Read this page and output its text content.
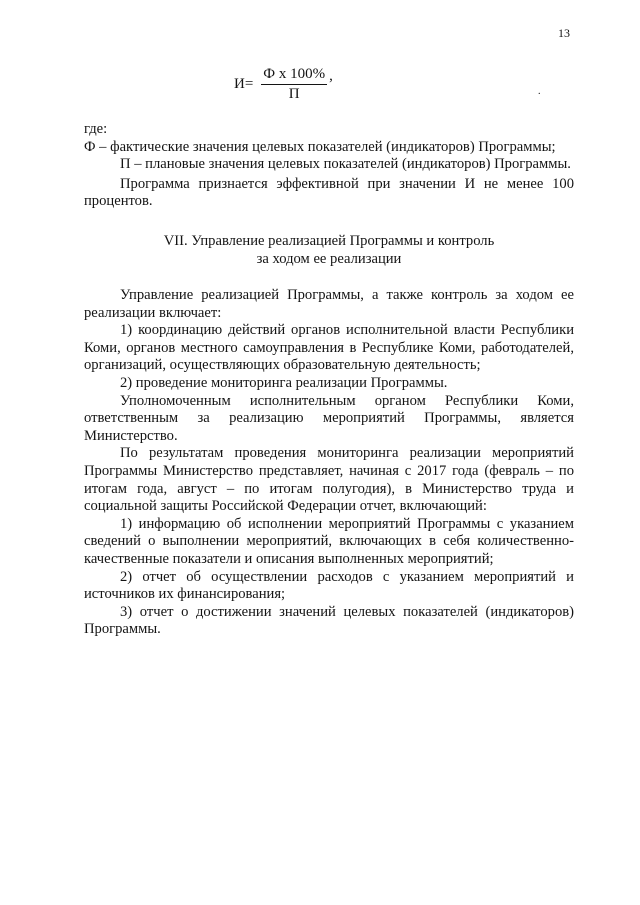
13
$И= \frac{\text{Ф х 100\%}}{П}$ ,
.

где:

Ф – фактические значения целевых показателей (индикаторов) Программы;

П – плановые значения целевых показателей (индикаторов) Программы.

Программа признается эффективной при значении И не менее 100 процентов.

VII. Управление реализацией Программы и контроль

за ходом ее реализации

Управление реализацией Программы, а также контроль за ходом ее реализации включает:

1) координацию действий органов исполнительной власти Республики Коми, органов местного самоуправления в Республике Коми, работодателей, организаций, осуществляющих образовательную деятельность;

2) проведение мониторинга реализации Программы.

Уполномоченным исполнительным органом Республики Коми, ответственным за реализацию мероприятий Программы, является Министерство.

По результатам проведения мониторинга реализации мероприятий Программы Министерство представляет, начиная с 2017 года (февраль – по итогам года, август – по итогам полугодия), в Министерство труда и социальной защиты Российской Федерации отчет, включающий:

1) информацию об исполнении мероприятий Программы с указанием сведений о выполнении мероприятий, включающих в себя количественно-качественные показатели и описания выполненных мероприятий;

2) отчет об осуществлении расходов с указанием мероприятий и источников их финансирования;

3) отчет о достижении значений целевых показателей (индикаторов) Программы.
